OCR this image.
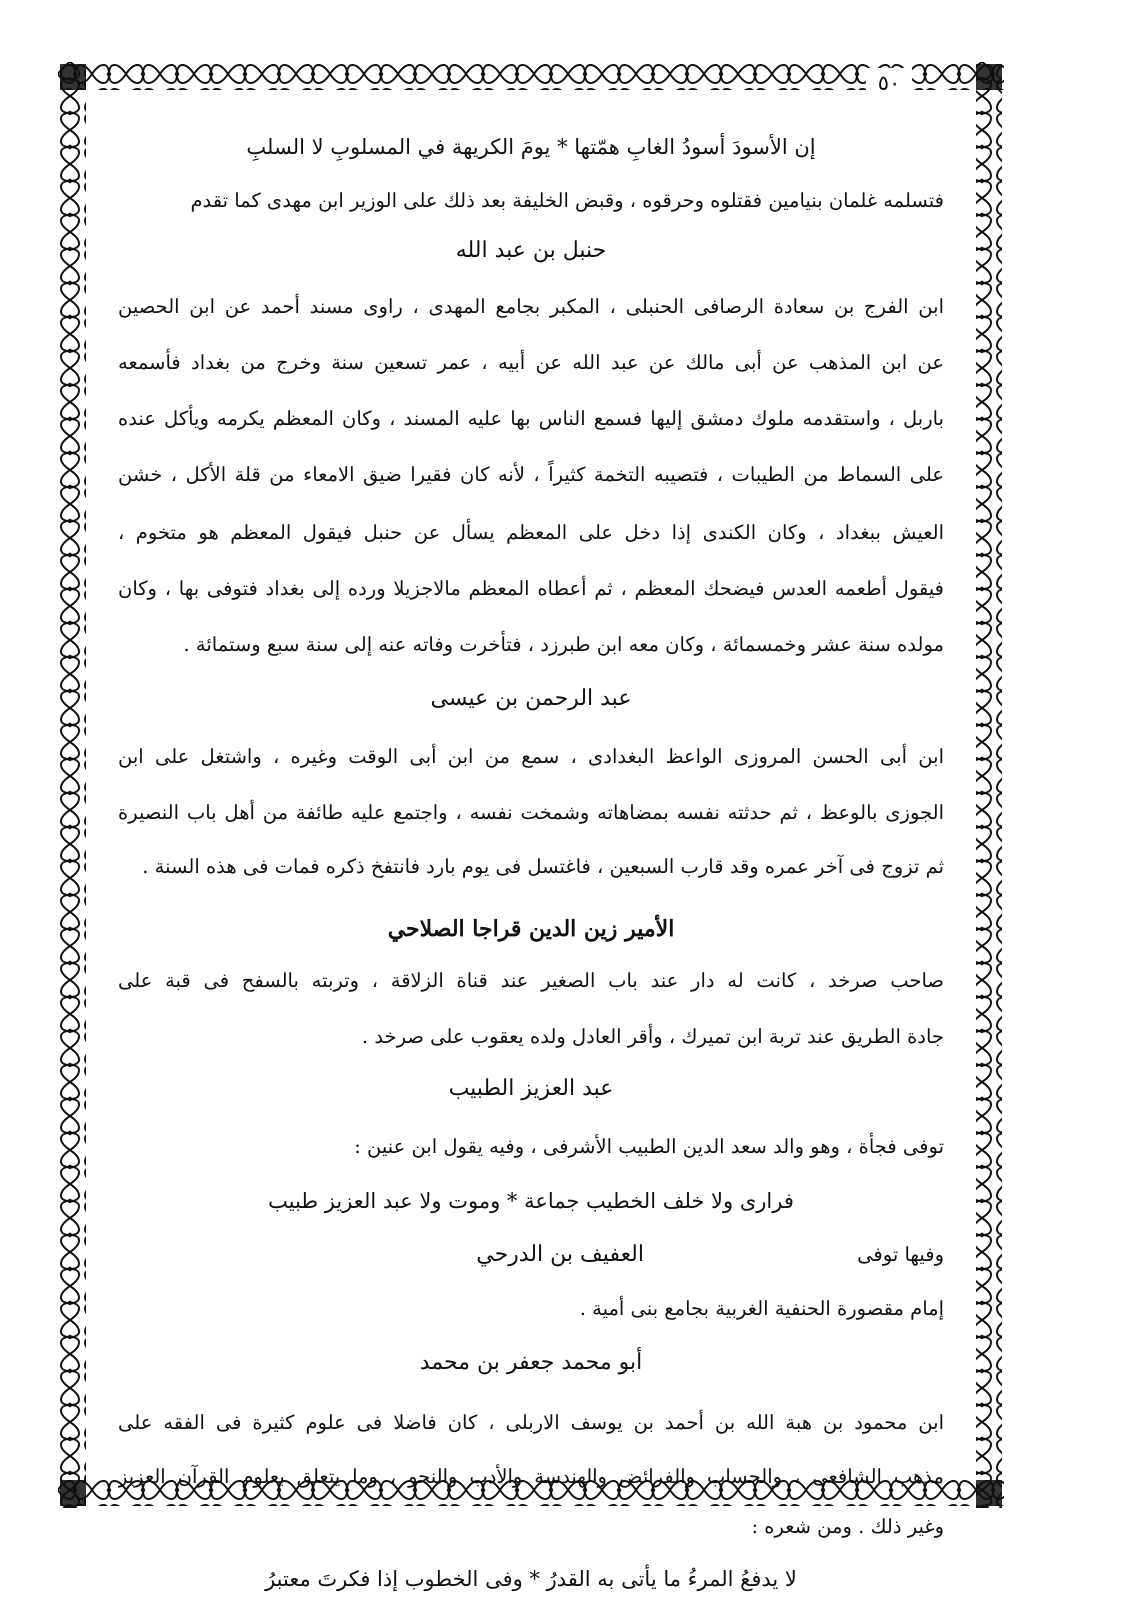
٥٠
إن الأسودَ أسودُ الغابِ همّتها * يومَ الكريهة في المسلوبِ لا السلبِ
فتسلمه غلمان بنيامين فقتلوه وحرقوه ، وقبض الخليفة بعد ذلك على الوزير ابن مهدى كما تقدم
حنبل بن عبد الله
ابن الفرج بن سعادة الرصافى الحنبلى ، المكبر بجامع المهدى ، راوى مسند أحمد عن ابن الحصين
عن ابن المذهب عن أبى مالك عن عبد الله عن أبيه ، عمر تسعين سنة وخرج من بغداد فأسمعه
باربل ، واستقدمه ملوك دمشق إليها فسمع الناس بها عليه المسند ، وكان المعظم يكرمه ويأكل عنده
على السماط من الطيبات ، فتصيبه التخمة كثيراً ، لأنه كان فقيرا ضيق الامعاء من قلة الأكل ، خشن
العيش ببغداد ، وكان الكندى إذا دخل على المعظم يسأل عن حنبل فيقول المعظم هو متخوم ،
فيقول أطعمه العدس فيضحك المعظم ، ثم أعطاه المعظم مالاجزيلا ورده إلى بغداد فتوفى بها ، وكان
مولده سنة عشر وخمسمائة ، وكان معه ابن طبرزد ، فتأخرت وفاته عنه إلى سنة سبع وستمائة .
عبد الرحمن بن عيسى
ابن أبى الحسن المروزى الواعظ البغدادى ، سمع من ابن أبى الوقت وغيره ، واشتغل على ابن
الجوزى بالوعظ ، ثم حدثته نفسه بمضاهاته وشمخت نفسه ، واجتمع عليه طائفة من أهل باب النصيرة
ثم تزوج فى آخر عمره وقد قارب السبعين ، فاغتسل فى يوم بارد فانتفخ ذكره فمات فى هذه السنة .
الأمير زين الدين قراجا الصلاحي
صاحب صرخد ، كانت له دار عند باب الصغير عند قناة الزلاقة ، وتربته بالسفح فى قبة على
جادة الطريق عند تربة ابن تميرك ، وأقر العادل ولده يعقوب على صرخد .
عبد العزيز الطبيب
توفى فجأة ، وهو والد سعد الدين الطبيب الأشرفى ، وفيه يقول ابن عنين :
فرارى ولا خلف الخطيب جماعة * وموت ولا عبد العزيز طبيب
وفيها توفى
العفيف بن الدرحي
إمام مقصورة الحنفية الغربية بجامع بنى أمية .
أبو محمد جعفر بن محمد
ابن محمود بن هبة الله بن أحمد بن يوسف الاربلى ، كان فاضلا فى علوم كثيرة فى الفقه على
مذهب الشافعى ، والحساب والفرائض والهندسة والأدب والنحو ، وما يتعلق بعلوم القرآن العزيز
وغير ذلك . ومن شعره :
لا يدفعُ المرءُ ما يأتى به القدرُ * وفى الخطوب إذا فكرتَ معتبرُ
